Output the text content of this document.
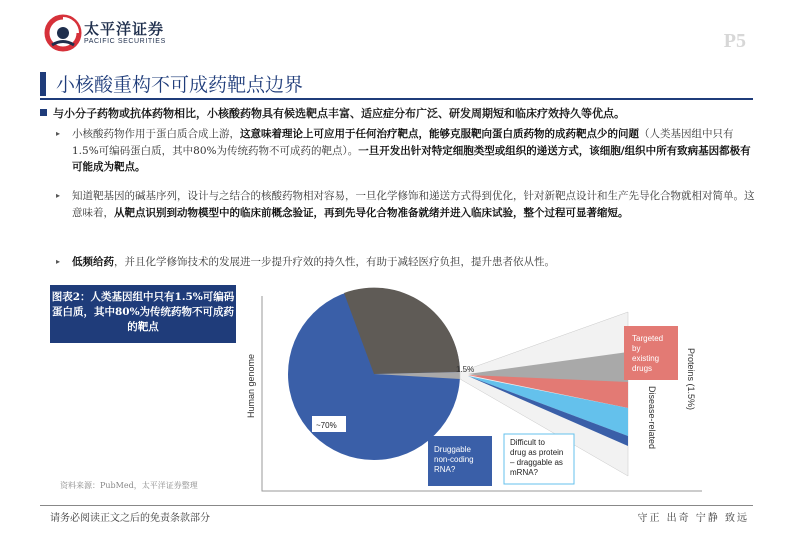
太平洋证券
PACIFIC SECURITIES	P5
小核酸重构不可成药靶点边界
与小分子药物或抗体药物相比，小核酸药物具有候选靶点丰富、适应症分布广泛、研发周期短和临床疗效持久等优点。
▸	小核酸药物作用于蛋白质合成上游，这意味着理论上可应用于任何治疗靶点，能够克服靶向蛋白质药物的成药靶点少的问题（人类基因组中只有1.5%可编码蛋白质，其中80%为传统药物不可成药的靶点）。一旦开发出针对特定细胞类型或组织的递送方式，该细胞/组织中所有致病基因都极有可能成为靶点。
▸	知道靶基因的碱基序列，设计与之结合的核酸药物相对容易，一旦化学修饰和递送方式得到优化，针对新靶点设计和生产先导化合物就相对简单。这意味着，从靶点识别到动物模型中的临床前概念验证，再到先导化合物准备就绪并进入临床试验，整个过程可显著缩短。
▸	低频给药，并且化学修饰技术的发展进一步提升疗效的持久性，有助于减轻医疗负担，提升患者依从性。
图表2：人类基因组中只有1.5%可编码蛋白质，其中80%为传统药物不可成药的靶点
Human genome	1.5%
~70%
Proteins (1.5%)
Disease-related
Targeted by existing drugs
Difficult to drug as protein – draggable as mRNA?
Druggable non-coding RNA?
资料来源：PubMed，太平洋证券整理
请务必阅读正文之后的免责条款部分	守正 出奇 宁静 致远
